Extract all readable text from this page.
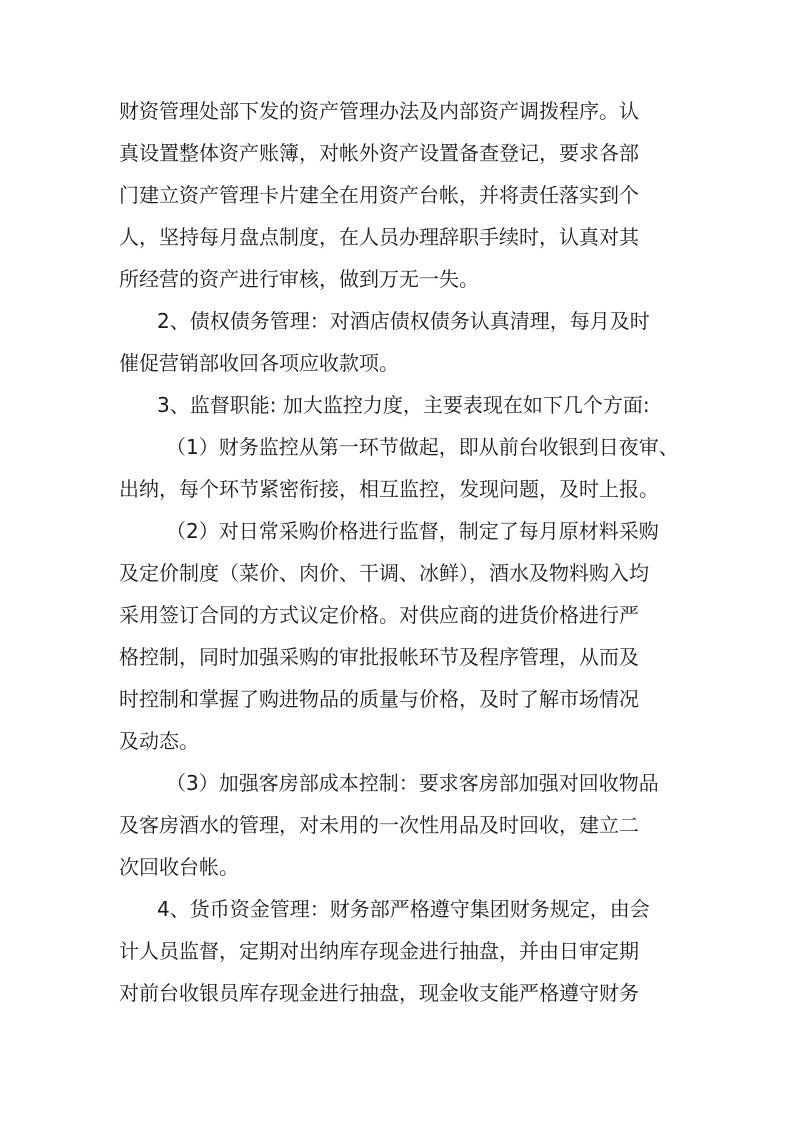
财资管理处部下发的资产管理办法及内部资产调拨程序。认
真设置整体资产账簿，对帐外资产设置备查登记，要求各部
门建立资产管理卡片建全在用资产台帐，并将责任落实到个
人，坚持每月盘点制度，在人员办理辞职手续时，认真对其
所经营的资产进行审核，做到万无一失。
2、债权债务管理：对酒店债权债务认真清理，每月及时
催促营销部收回各项应收款项。
3、监督职能: 加大监控力度，主要表现在如下几个方面:
（1）财务监控从第一环节做起，即从前台收银到日夜审、
出纳，每个环节紧密衔接，相互监控，发现问题，及时上报。
（2）对日常采购价格进行监督，制定了每月原材料采购
及定价制度（菜价、肉价、干调、冰鲜），酒水及物料购入均
采用签订合同的方式议定价格。对供应商的进货价格进行严
格控制，同时加强采购的审批报帐环节及程序管理，从而及
时控制和掌握了购进物品的质量与价格，及时了解市场情况
及动态。
（3）加强客房部成本控制：要求客房部加强对回收物品
及客房酒水的管理，对未用的一次性用品及时回收，建立二
次回收台帐。
4、货币资金管理：财务部严格遵守集团财务规定，由会
计人员监督，定期对出纳库存现金进行抽盘，并由日审定期
对前台收银员库存现金进行抽盘，现金收支能严格遵守财务
